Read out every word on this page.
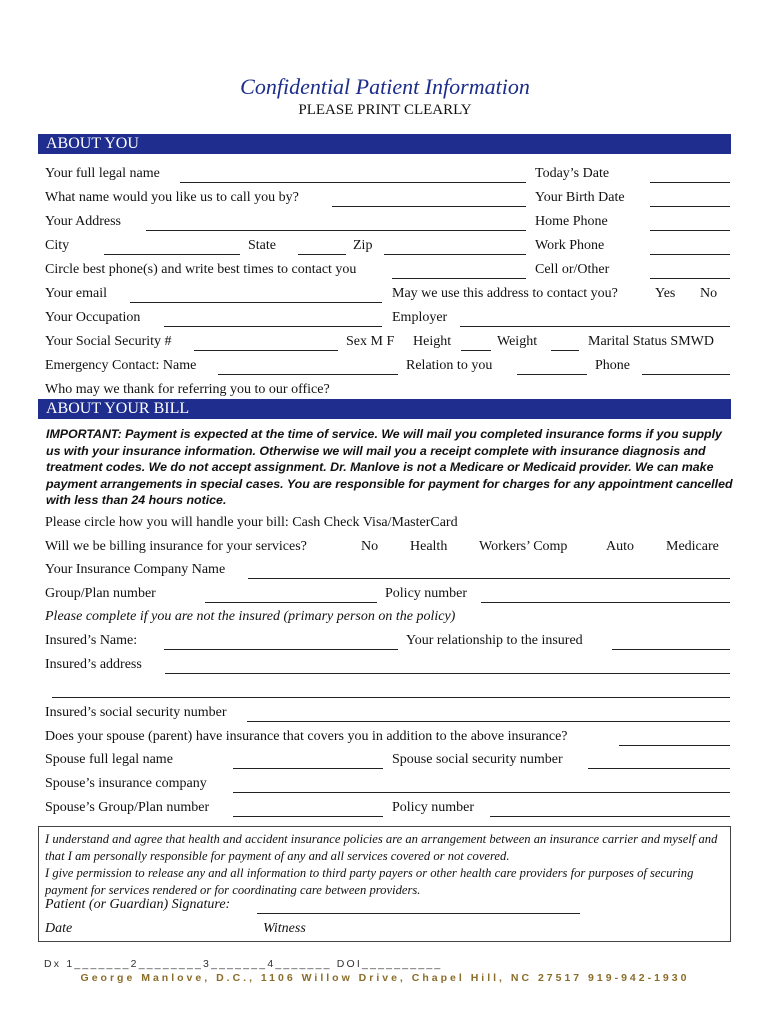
Confidential Patient Information
PLEASE PRINT CLEARLY
ABOUT YOU
Your full legal name	Today’s Date
What name would you like us to call you by?	Your Birth Date
Your Address	Home Phone
City	State	Zip	Work Phone
Circle best phone(s) and write best times to contact you	Cell or/Other
Your email	May we use this address to contact you?	Yes No
Your Occupation	Employer
Your Social Security #	Sex M F Height	Weight	Marital Status SMWD
Emergency Contact: Name	Relation to you	Phone
Who may we thank for referring you to our office?
ABOUT YOUR BILL
IMPORTANT: Payment is expected at the time of service. We will mail you completed insurance forms if you supply us with your insurance information. Otherwise we will mail you a receipt complete with insurance diagnosis and treatment codes. We do not accept assignment. Dr. Manlove is not a Medicare or Medicaid provider. We can make payment arrangements in special cases. You are responsible for payment for charges for any appointment cancelled with less than 24 hours notice.
Please circle how you will handle your bill: Cash Check Visa/MasterCard
Will we be billing insurance for your services?	No Health Workers’ Comp	Auto Medicare
Your Insurance Company Name
Group/Plan number	Policy number
Please complete if you are not the insured (primary person on the policy)
Insured’s Name:	Your relationship to the insured
Insured’s address
Insured’s social security number
Does your spouse (parent) have insurance that covers you in addition to the above insurance?
Spouse full legal name	Spouse social security number
Spouse’s insurance company
Spouse’s Group/Plan number	Policy number
I understand and agree that health and accident insurance policies are an arrangement between an insurance carrier and myself and that I am personally responsible for payment of any and all services covered or not covered.
I give permission to release any and all information to third party payers or other health care providers for purposes of securing payment for services rendered or for coordinating care between providers.
Patient (or Guardian) Signature:
Date	Witness
Dx 1_______2________3_______4_______ DOI__________
George Manlove, D.C., 1106 Willow Drive, Chapel Hill, NC 27517 919-942-1930
